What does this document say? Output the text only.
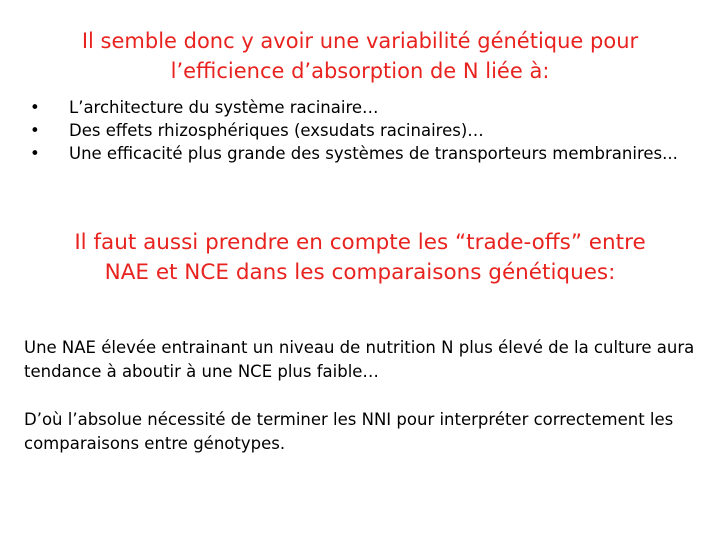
Il semble donc y avoir une variabilité génétique pour
l’efficience d’absorption de N liée à:
•	L’architecture du système racinaire…
•	Des effets rhizosphériques (exsudats racinaires)…
•	Une efficacité plus grande des systèmes de transporteurs membranires...
Il faut aussi prendre en compte les “trade-offs” entre
NAE et NCE dans les comparaisons génétiques:

Une NAE élevée entrainant un niveau de nutrition N plus élevé de la culture aura tendance à aboutir à une NCE plus faible…

D’où l’absolue nécessité de terminer les NNI pour interpréter correctement les comparaisons entre génotypes.
